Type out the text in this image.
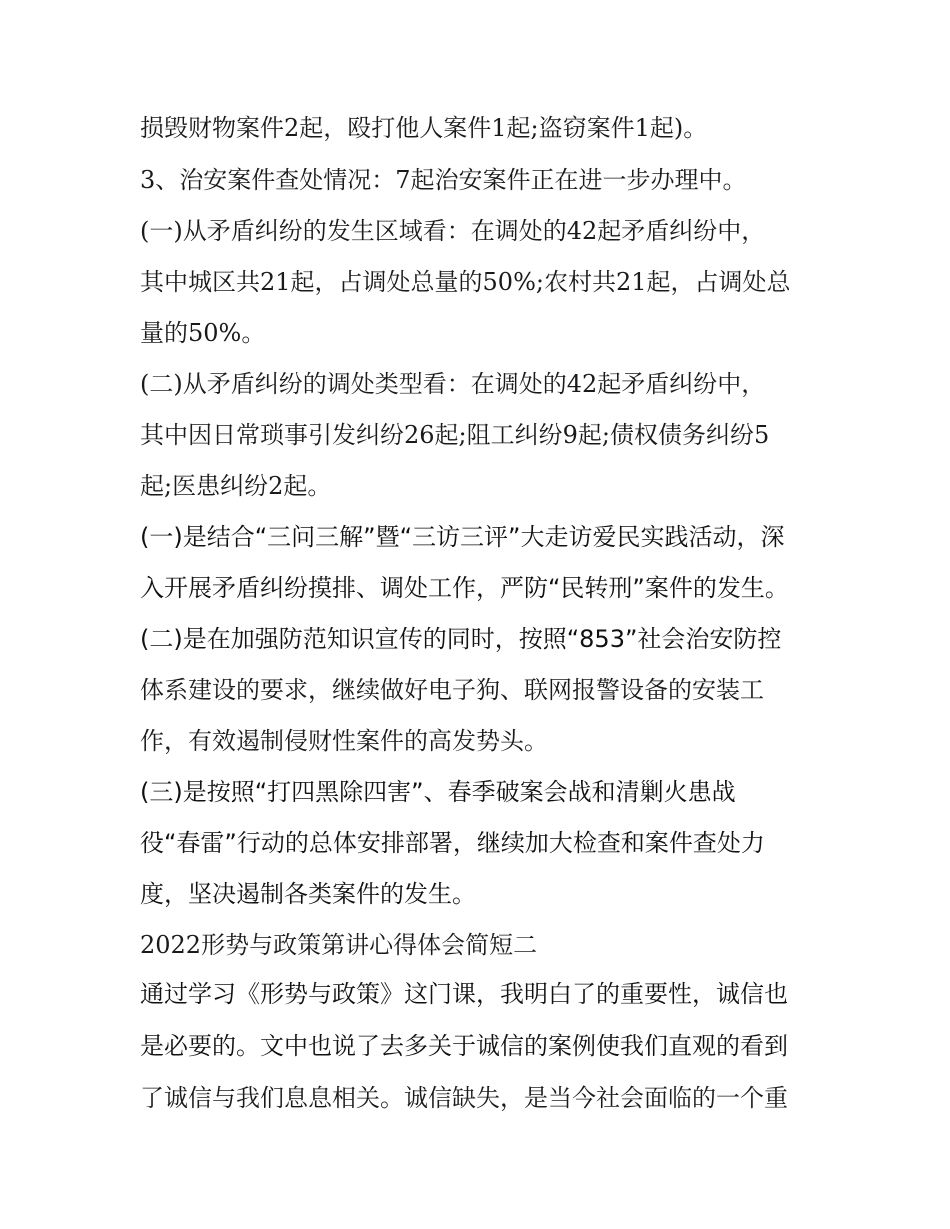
损毁财物案件2起，殴打他人案件1起;盗窃案件1起)。
3、治安案件查处情况：7起治安案件正在进一步办理中。
(一)从矛盾纠纷的发生区域看：在调处的42起矛盾纠纷中，
其中城区共21起，占调处总量的50%;农村共21起，占调处总
量的50%。
(二)从矛盾纠纷的调处类型看：在调处的42起矛盾纠纷中，
其中因日常琐事引发纠纷26起;阻工纠纷9起;债权债务纠纷5
起;医患纠纷2起。
(一)是结合“三问三解”暨“三访三评”大走访爱民实践活动，深
入开展矛盾纠纷摸排、调处工作，严防“民转刑”案件的发生。
(二)是在加强防范知识宣传的同时，按照“853”社会治安防控
体系建设的要求，继续做好电子狗、联网报警设备的安装工
作，有效遏制侵财性案件的高发势头。
(三)是按照“打四黑除四害”、春季破案会战和清剿火患战
役“春雷”行动的总体安排部署，继续加大检查和案件查处力
度，坚决遏制各类案件的发生。
2022形势与政策第讲心得体会简短二
通过学习《形势与政策》这门课，我明白了的重要性，诚信也
是必要的。文中也说了去多关于诚信的案例使我们直观的看到
了诚信与我们息息相关。诚信缺失，是当今社会面临的一个重
